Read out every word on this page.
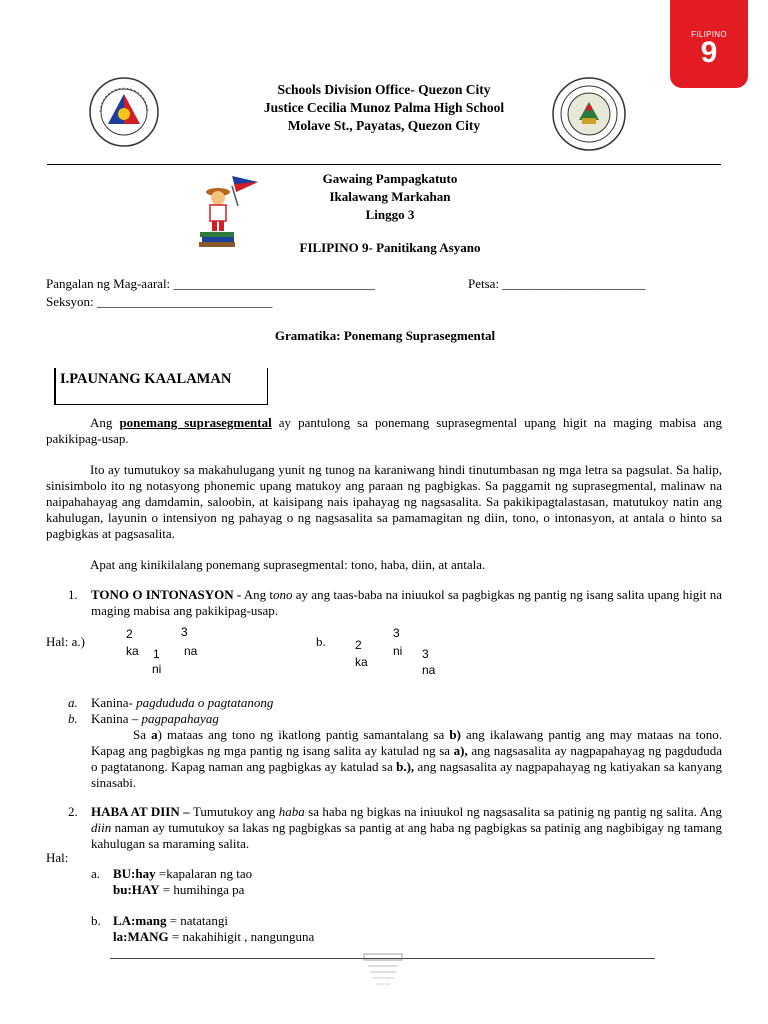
FILIPINO
9
Schools Division Office- Quezon City
Justice Cecilia Munoz Palma High School
Molave St., Payatas, Quezon City
Gawaing Pampagkatuto
Ikalawang Markahan
Linggo 3
FILIPINO 9- Panitikang Asyano
Pangalan ng Mag-aaral: _______________________________	Petsa: ______________________
Seksyon: ___________________________
Gramatika: Ponemang Suprasegmental
I.PAUNANG KAALAMAN
Ang ponemang suprasegmental ay pantulong sa ponemang suprasegmental upang higit na maging mabisa ang pakikipag-usap.
Ito ay tumutukoy sa makahulugang yunit ng tunog na karaniwang hindi tinutumbasan ng mga letra sa pagsulat. Sa halip, sinisimbolo ito ng notasyong phonemic upang matukoy ang paraan ng pagbigkas. Sa paggamit ng suprasegmental, malinaw na naipahahayag ang damdamin, saloobin, at kaisipang nais ipahayag ng nagsasalita. Sa pakikipagtalastasan, matutukoy natin ang kahulugan, layunin o intensiyon ng pahayag o ng nagsasalita sa pamamagitan ng diin, tono, o intonasyon, at antala o hinto sa pagbigkas at pagsasalita.
Apat ang kinikilalang ponemang suprasegmental: tono, haba, diin, at antala.
1. TONO O INTONASYON - Ang tono ay ang taas-baba na iniuukol sa pagbigkas ng pantig ng isang salita upang higit na maging mabisa ang pakikipag-usap.
Hal: a.)	2	3
ka 1 na
ni
b. 2
3
ka
ni 3
na
a. Kanina- pagdududa o pagtatanong
b. Kanina – pagpapahayag
Sa a) mataas ang tono ng ikatlong pantig samantalang sa b) ang ikalawang pantig ang may mataas na tono. Kapag ang pagbigkas ng mga pantig ng isang salita ay katulad ng sa a), ang nagsasalita ay nagpapahayag ng pagdududa o pagtatanong. Kapag naman ang pagbigkas ay katulad sa b.), ang nagsasalita ay nagpapahayag ng katiyakan sa kanyang sinasabi.
2. HABA AT DIIN – Tumutukoy ang haba sa haba ng bigkas na iniuukol ng nagsasalita sa patinig ng pantig ng salita. Ang diin naman ay tumutukoy sa lakas ng pagbigkas sa pantig at ang haba ng pagbigkas sa patinig ang nagbibigay ng tamang kahulugan sa maraming salita.
Hal:
a. BU:hay =kapalaran ng tao
bu:HAY = humihinga pa
b. LA:mang = natatangi
la:MANG = nakahihigit , nangunguna
